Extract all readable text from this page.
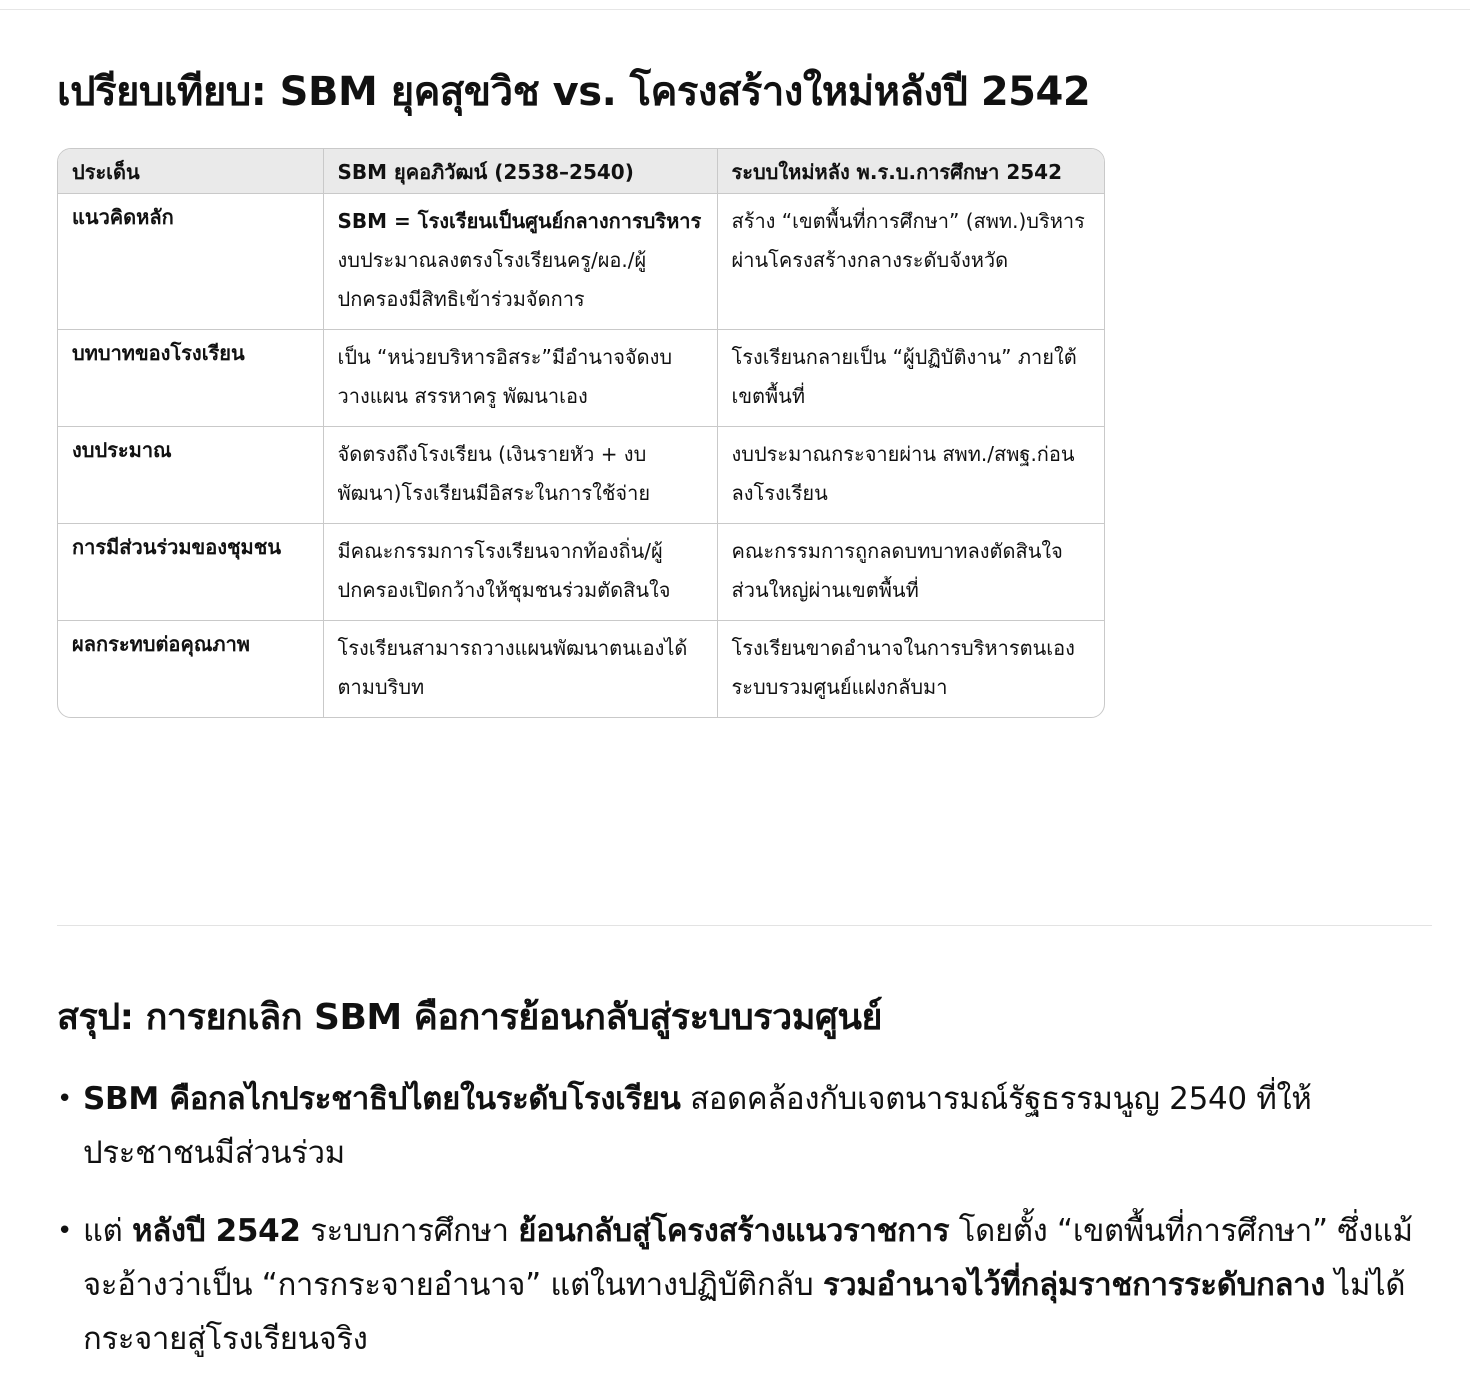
เปรียบเทียบ: SBM ยุคสุขวิช vs. โครงสร้างใหม่หลังปี 2542
ประเด็น	SBM ยุคอภิวัฒน์ (2538–2540)	ระบบใหม่หลัง พ.ร.บ.การศึกษา 2542
แนวคิดหลัก	SBM = โรงเรียนเป็นศูนย์กลางการบริหารงบประมาณลงตรงโรงเรียนครู/ผอ./ผู้ปกครองมีสิทธิเข้าร่วมจัดการ	สร้าง “เขตพื้นที่การศึกษา” (สพท.)บริหารผ่านโครงสร้างกลางระดับจังหวัด
บทบาทของโรงเรียน	เป็น “หน่วยบริหารอิสระ”มีอำนาจจัดงบ วางแผน สรรหาครู พัฒนาเอง	โรงเรียนกลายเป็น “ผู้ปฏิบัติงาน” ภายใต้เขตพื้นที่
งบประมาณ	จัดตรงถึงโรงเรียน (เงินรายหัว + งบพัฒนา)โรงเรียนมีอิสระในการใช้จ่าย	งบประมาณกระจายผ่าน สพท./สพฐ.ก่อนลงโรงเรียน
การมีส่วนร่วมของชุมชน	มีคณะกรรมการโรงเรียนจากท้องถิ่น/ผู้ปกครองเปิดกว้างให้ชุมชนร่วมตัดสินใจ	คณะกรรมการถูกลดบทบาทลงตัดสินใจส่วนใหญ่ผ่านเขตพื้นที่
ผลกระทบต่อคุณภาพ	โรงเรียนสามารถวางแผนพัฒนาตนเองได้ตามบริบท	โรงเรียนขาดอำนาจในการบริหารตนเองระบบรวมศูนย์แฝงกลับมา
สรุป: การยกเลิก SBM คือการย้อนกลับสู่ระบบรวมศูนย์
• SBM คือกลไกประชาธิปไตยในระดับโรงเรียน สอดคล้องกับเจตนารมณ์รัฐธรรมนูญ 2540 ที่ให้ประชาชนมีส่วนร่วม
• แต่ หลังปี 2542 ระบบการศึกษา ย้อนกลับสู่โครงสร้างแนวราชการ โดยตั้ง “เขตพื้นที่การศึกษา” ซึ่งแม้จะอ้างว่าเป็น “การกระจายอำนาจ” แต่ในทางปฏิบัติกลับ รวมอำนาจไว้ที่กลุ่มราชการระดับกลาง ไม่ได้กระจายสู่โรงเรียนจริง
